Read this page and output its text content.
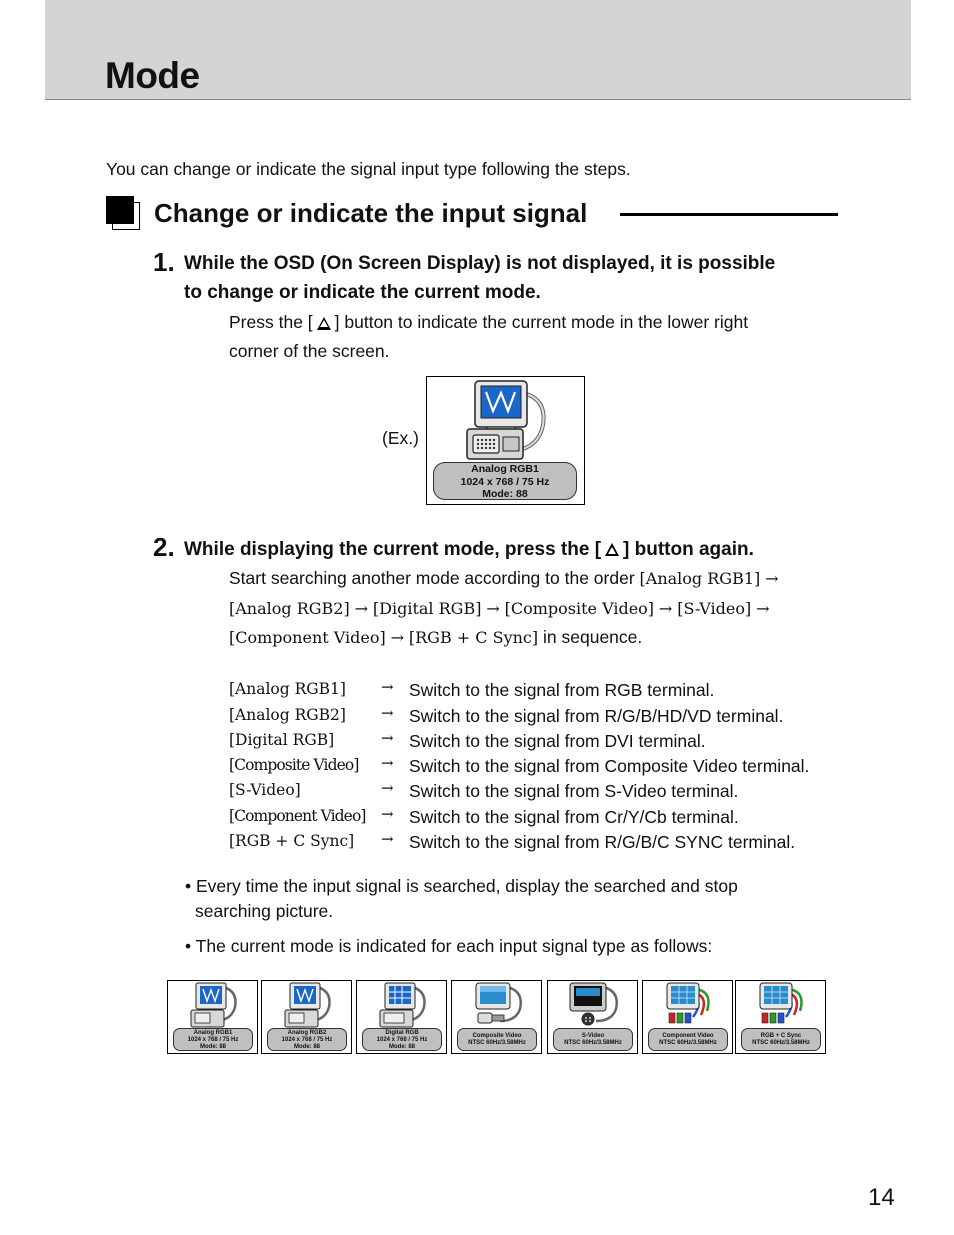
Mode
You can change or indicate the signal input type following the steps.
Change or indicate the input signal
1. While the OSD (On Screen Display) is not displayed, it is possible
to change or indicate the current mode.
Press the [ ] button to indicate the current mode in the lower right
corner of the screen.
(Ex.)
Analog RGB1
1024 x 768 / 75 Hz
Mode: 88
2. While displaying the current mode, press the [ ] button again.
Start searching another mode according to the order [Analog RGB1] →
[Analog RGB2] → [Digital RGB] → [Composite Video] → [S-Video] →
[Component Video] → [RGB + C Sync] in sequence.
[Analog RGB1] → Switch to the signal from RGB terminal.
[Analog RGB2] → Switch to the signal from R/G/B/HD/VD terminal.
[Digital RGB]	→ Switch to the signal from DVI terminal.
[Composite Video] → Switch to the signal from Composite Video terminal.
[S-Video]	→ Switch to the signal from S-Video terminal.
[Component Video] → Switch to the signal from Cr/Y/Cb terminal.
[RGB + C Sync] → Switch to the signal from R/G/B/C SYNC terminal.
• Every time the input signal is searched, display the searched and stop
searching picture.
• The current mode is indicated for each input signal type as follows:
Analog RGB1
1024 x 768 / 75 Hz
Mode: 88
Analog RGB2
1024 x 768 / 75 Hz
Mode: 88
Digital RGB
1024 x 768 / 75 Hz
Mode: 88
Composite Video
NTSC 60Hz/3.58MHz
S-Video
NTSC 60Hz/3.58MHz
Component Video
NTSC 60Hz/3.58MHz
RGB + C Sync
NTSC 60Hz/3.58MHz
14
